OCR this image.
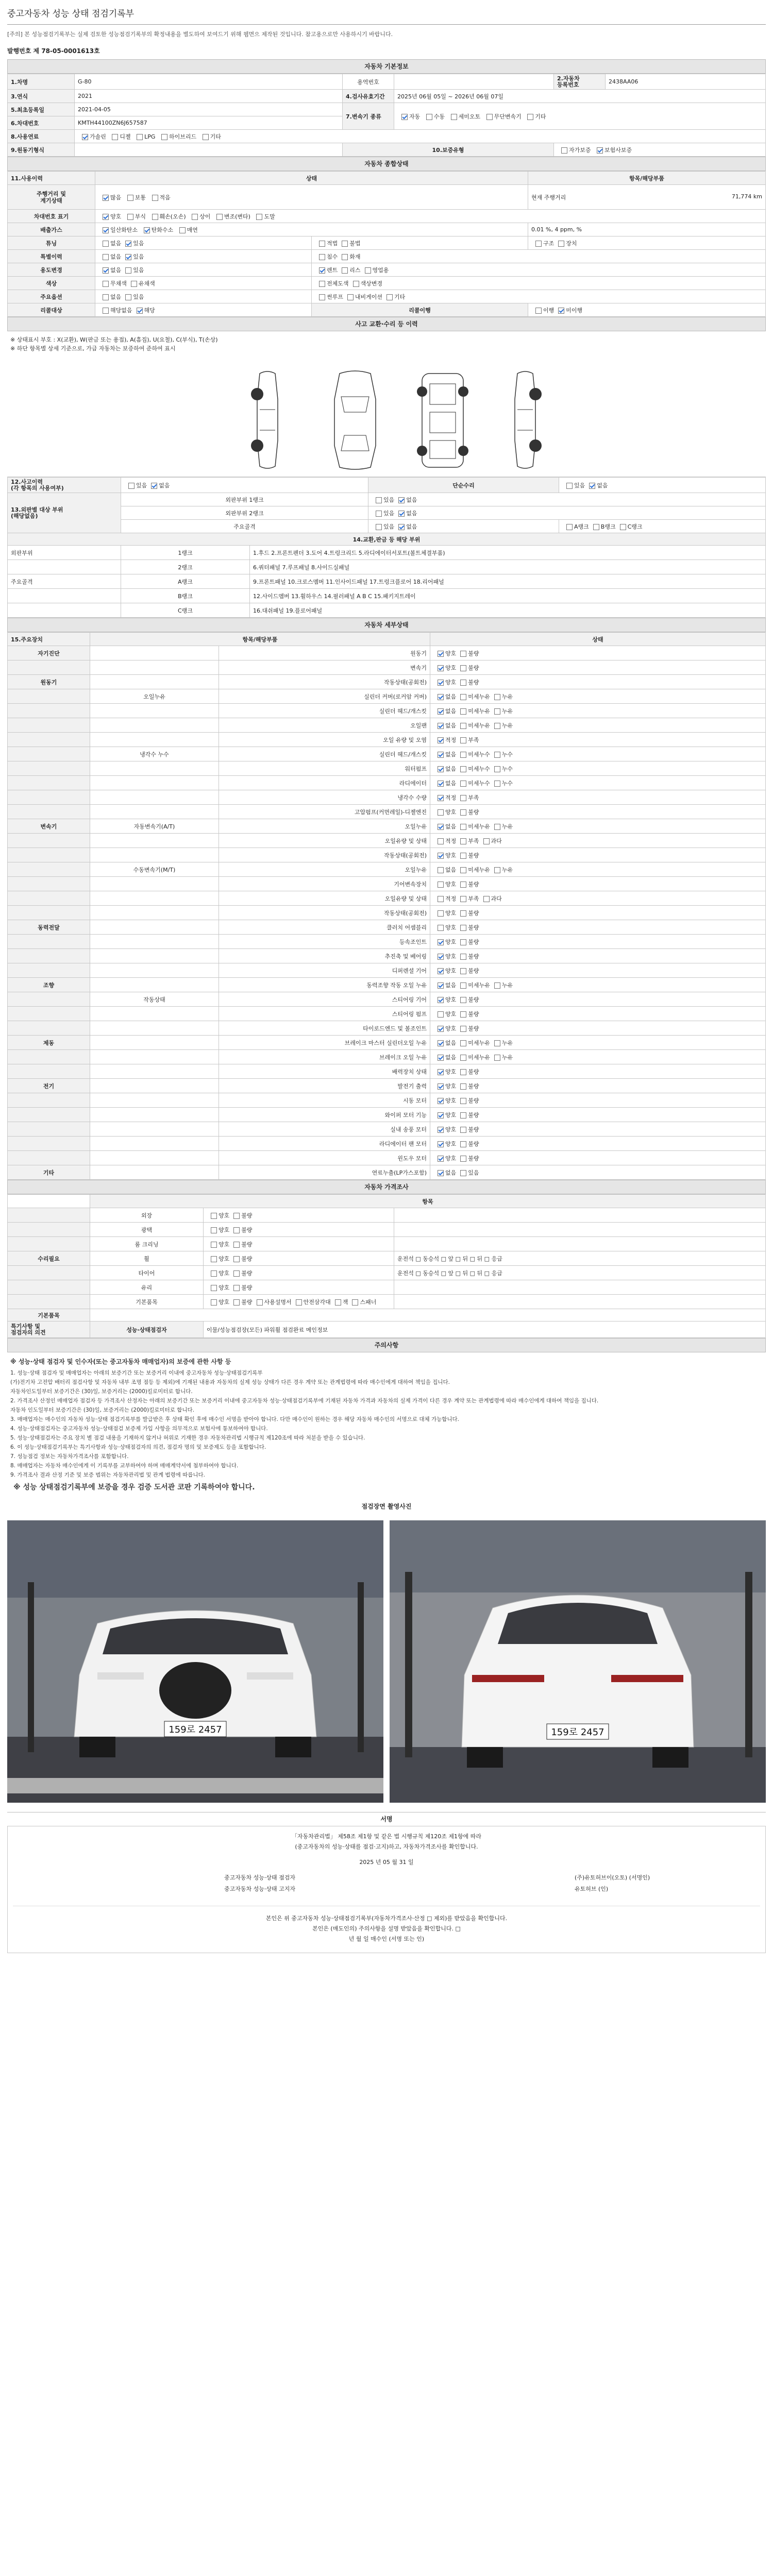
중고자동차 성능 상태 점검기록부
[주의] 본 성능점검기록부는 실제 검토한 성능점검기록부의 확정내용을 별도하여 보여드기 위해 웹면으 제작된 것입니다. 참고용으로만 사용하시기 바랍니다.
발행번호 제 78-05-0001613호
자동차 기본정보
1.차명	G-80	용역번호		2.자동차
등록번호	2438AA06
3.연식	2021	4.검사유효기간	2025년 06월 05일 ~ 2026년 06월 07일		
5.최초등록일	2021-04-05	7.변속기 종류	자동 수동 세미오토 무단변속기 기타		
6.차대번호	KMTH44100ZN6J657587				
8.사용연료	가솔린 디젤 LPG 하이브리드 기타				
9.원동기형식		10.보증유형		자가보증 보험사보증	
자동차 종합상태
11.사용이력	상태		항목/해당부품
주행거리 및
계기상태	많음 보통 적음		현재 주행거리 71,774 km

차대번호 표기	양호 부식 훼손(오손) 상이 변조(변타) 도말		
배출가스	일산화탄소 탄화수소 매연		0.01 %, 4 ppm, %
튜닝	없음 있음	적법 불법	구조 장치
특별이력	없음 있음	침수 화재	
용도변경	없음 있음	렌트 리스 영업용	
색상	무채색 유채색	전체도색 색상변경	
주요옵션	없음 있음	썬루프 내비게이션 기타	
리콜대상	해당없음 해당	리콜이행	이행 미이행
사고 교환·수리 등 이력
※ 상태표시 부호 : X(교환), W(판금 또는 용접), A(흠집), U(요철), C(부식), T(손상)
※ 하단 항목별 상세 기준으로, 가급 자동차는 보증하여 준하여 표시
12.사고이력
(각 항목의 사용여부)	있음 없음		단순수리	있음 없음
13.외판별 대상 부위
(해당없음)	외판부위 1랭크		있음 없음	
	외판부위 2랭크		있음 없음	
	주요골격		있음 없음	A랭크 B랭크 C랭크
14.교환,판금 등 해당 부위				
외판부위	1랭크	1.후드 2.프론트펜더 3.도어 4.트렁크리드 5.라디에이터서포트(볼트체결부품)		
	2랭크	6.쿼터패널 7.루프패널 8.사이드실패널		
주요골격	A랭크	9.프론트패널 10.크로스멤버 11.인사이드패널 17.트렁크플로어 18.리어패널		
	B랭크	12.사이드멤버 13.휠하우스 14.필러패널 A B C 15.패키지트레이		
	C랭크	16.대쉬패널 19.플로어패널		
자동차 세부상태
15.주요장치	항목/해당부품		상태
자기진단		원동기	양호 불량
		변속기	양호 불량
원동기		작동상태(공회전)	양호 불량
	오일누유	실린더 커버(로커암 커버)	없음 미세누유 누유
		실린더 헤드/개스킷	없음 미세누유 누유
		오일팬	없음 미세누유 누유
		오일 유량 및 오염	적정 부족
	냉각수 누수	실린더 헤드/개스킷	없음 미세누수 누수
		워터펌프	없음 미세누수 누수
		라디에이터	없음 미세누수 누수
		냉각수 수량	적정 부족
		고압펌프(커먼레일)-디젤엔진	양호 불량
변속기	자동변속기(A/T)	오일누유	없음 미세누유 누유
		오일유량 및 상태	적정 부족 과다
		작동상태(공회전)	양호 불량
	수동변속기(M/T)	오일누유	없음 미세누유 누유
		기어변속장치	양호 불량
		오일유량 및 상태	적정 부족 과다
		작동상태(공회전)	양호 불량
동력전달		클러치 어셈블리	양호 불량
		등속조인트	양호 불량
		추진축 및 베어링	양호 불량
		디퍼렌셜 기어	양호 불량
조향		동력조향 작동 오일 누유	없음 미세누유 누유
	작동상태	스티어링 기어	양호 불량
		스티어링 펌프	양호 불량
		타이로드엔드 및 볼조인트	양호 불량
제동		브레이크 마스터 실린더오일 누유	없음 미세누유 누유
		브레이크 오일 누유	없음 미세누유 누유
		배력장치 상태	양호 불량
전기		발전기 출력	양호 불량
		시동 모터	양호 불량
		와이퍼 모터 기능	양호 불량
		실내 송풍 모터	양호 불량
		라디에이터 팬 모터	양호 불량
		윈도우 모터	양호 불량
기타		연료누출(LP가스포함)	없음 있음
자동차 가격조사
	항목		
	외장	양호 불량	
	광택	양호 불량	
	룸 크리닝	양호 불량	
수리필요	휠	양호 불량	운전석 □ 동승석 □ 앞 □ 뒤 □ 뒤 □ 응급
	타이어	양호 불량	운전석 □ 동승석 □ 앞 □ 뒤 □ 뒤 □ 응급
	유리	양호 불량	
	기본품목	양호 불량 사용설명서 안전삼각대 잭 스패너	
기본품목			
특기사항 및
점검자의 의견	성능·상태점검자	이물/성능점검장(모든) 파워휠 점검완료 메인정보	
주의사항
※ 성능·상태 점검자 및 인수자(또는 중고자동차 매매업자)의 보증에 관한 사항 등

1. 성능·상태 점검자 및 매매업자는 아래의 보증기간 또는 보증거리 이내에 중고자동차 성능·상태점검기록부

(가)전기차 고전압 배터리 점검사항 및 자동차 내부 조명 점등 등 제외)에 기재된 내용과 자동차의 실제 성능 상태가 다른 경우 계약 또는 관계법령에 따라 매수인에게 대하여 책임을 집니다.

자동차인도일부터 보증기간은 (30)일, 보증거리는 (2000)킬로미터로 합니다.

2. 가격조사 산정인 매매업자 점검자 등 가격조사 산정자는 아래의 보증기간 또는 보증거리 이내에 중고자동차 성능·상태점검기록부에 기재된 자동차 가격과 자동차의 실제 가격이 다른 경우 계약 또는 관계법령에 따라 매수인에게 대하여 책임을 집니다.

자동차 인도일부터 보증기간은 (30)일, 보증거리는 (2000)킬로미터로 합니다.

3. 매매업자는 매수인의 자동차 성능·상태 점검기록부를 발급받은 후 상태 확인 후에 매수인 서명을 받아야 합니다. 다만 매수인이 원하는 경우 해당 자동차 매수인의 서명으로 대체 가능합니다.

4. 성능·상태점검자는 중고자동차 성능·상태점검 보증제 가입 사항을 의무적으로 보험사에 통보하여야 합니다.

5. 성능·상태점검자는 주요 장치 별 점검 내용을 기재하지 않거나 허위로 기재한 경우 자동차관리법 시행규칙 제120조에 따라 처분을 받을 수 있습니다.

6. 이 성능·상태점검기록부는 특기사항과 성능·상태점검자의 의견, 점검자 명의 및 보증제도 등을 포함합니다.

7. 성능점검 정보는 자동차가격조사를 포함합니다.

8. 매매업자는 자동차 매수인에게 이 기록부를 교부하여야 하며 매매계약서에 첨부하여야 합니다.

9. 가격조사 결과 산정 기준 및 보증 범위는 자동차관리법 및 관계 법령에 따릅니다.

※ 성능 상태점검기록부에 보증을 경우 검증 도서관 코판 기록하여야 합니다.
점검장면 촬영사진
159로 2457	159로 2457
서명
「자동차관리법」 제58조 제1항 및 같은 법 시행규칙 제120조 제1항에 따라
(중고자동차의 성능·상태를 점검·고지)하고, 자동차가격조사를 확인합니다.
2025 년 05 월 31 일
중고자동차 성능·상태 점검자	(주)유토허브이(오토) (서명인)
중고자동차 성능·상태 고지자	유토허브 (인)
본인은 위 중고자동차 성능·상태점검기록부(자동차가격조사·산정 □ 제외)를 받았음을 확인합니다.
본인은 (매도인의) 주의사항을 설명 받았음을 확인합니다. □
년 월 일 매수인 (서명 또는 인)
